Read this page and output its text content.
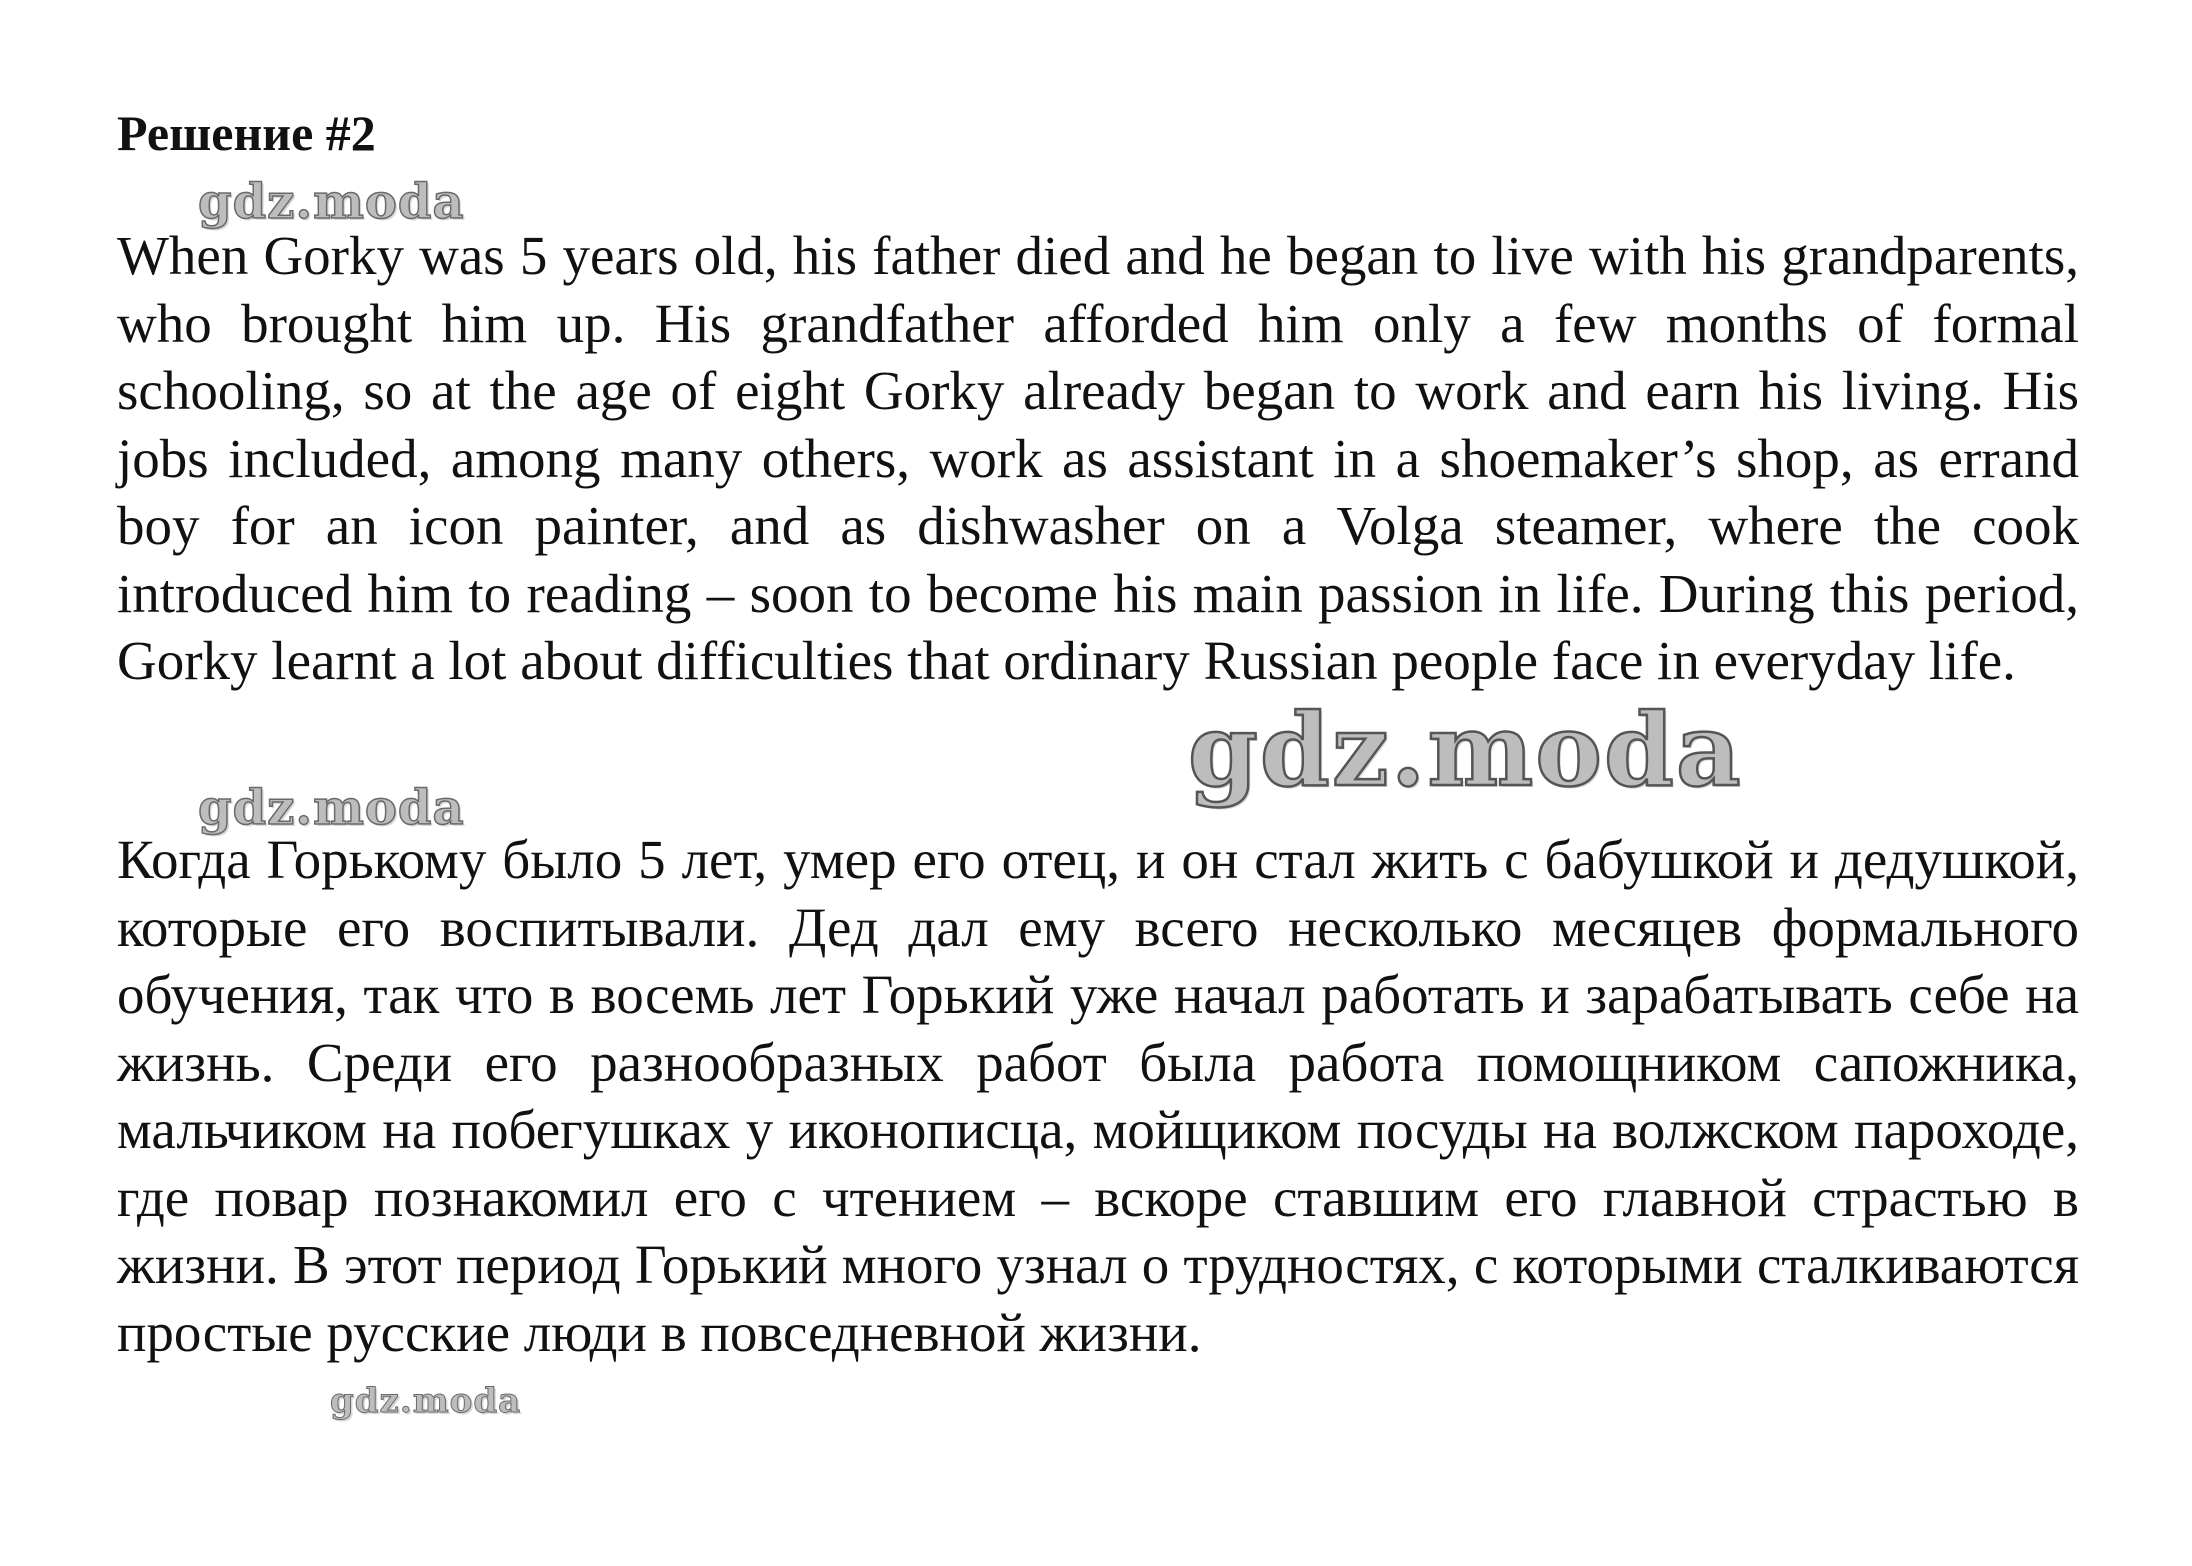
Решение #2
gdz.moda

When Gorky was 5 years old, his father died and he began to live with his grandparents, who brought him up. His grandfather afforded him only a few months of formal schooling, so at the age of eight Gorky already began to work and earn his living. His jobs included, among many others, work as assistant in a shoemaker’s shop, as errand boy for an icon painter, and as dishwasher on a Volga steamer, where the cook introduced him to reading – soon to become his main passion in life. During this period, Gorky learnt a lot about difficulties that ordinary Russian people face in everyday life.

gdz.moda
gdz.moda

Когда Горькому было 5 лет, умер его отец, и он стал жить с бабушкой и дедушкой, которые его воспитывали. Дед дал ему всего несколько месяцев формального обучения, так что в восемь лет Горький уже начал работать и зарабатывать себе на жизнь. Среди его разнообразных работ была работа помощником сапожника, мальчиком на побегушках у иконописца, мойщиком посуды на волжском пароходе, где повар познакомил его с чтением – вскоре ставшим его главной страстью в жизни. В этот период Горький много узнал о трудностях, с которыми сталкиваются простые русские люди в повседневной жизни.

gdz.moda
